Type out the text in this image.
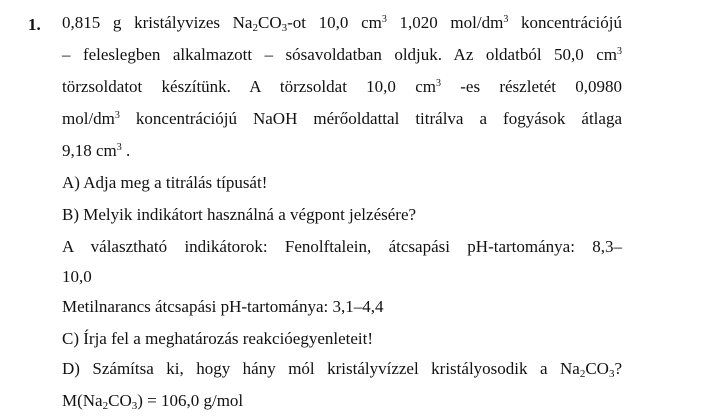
1. 0,815 g kristályvizes $Na_2CO_3-ot$ 10,0 $cm^3$ 1,020 mol/$dm^3$ koncentrációjú
– feleslegben alkalmazott – sósavoldatban oldjuk. Az oldatból 50,0 $cm^3$
törzsoldatot készítünk. A törzsoldat 10,0 $cm^3$ -es részletét 0,0980
mol/$dm^3$ koncentrációjú NaOH mérőoldattal titrálva a fogyások átlaga
9,18 $cm^3$ .
A) Adja meg a titrálás típusát!
B) Melyik indikátort használná a végpont jelzésére?
A választható indikátorok: Fenolftalein, átcsapási pH-tartománya: 8,3–
10,0
Metilnarancs átcsapási pH-tartománya: 3,1–4,4
C) Írja fel a meghatározás reakcióegyenleteit!
D) Számítsa ki, hogy hány mól kristályvízzel kristályosodik a $Na_2CO_3$?
$M(Na_2CO_3) = 106,0$ g/mol
